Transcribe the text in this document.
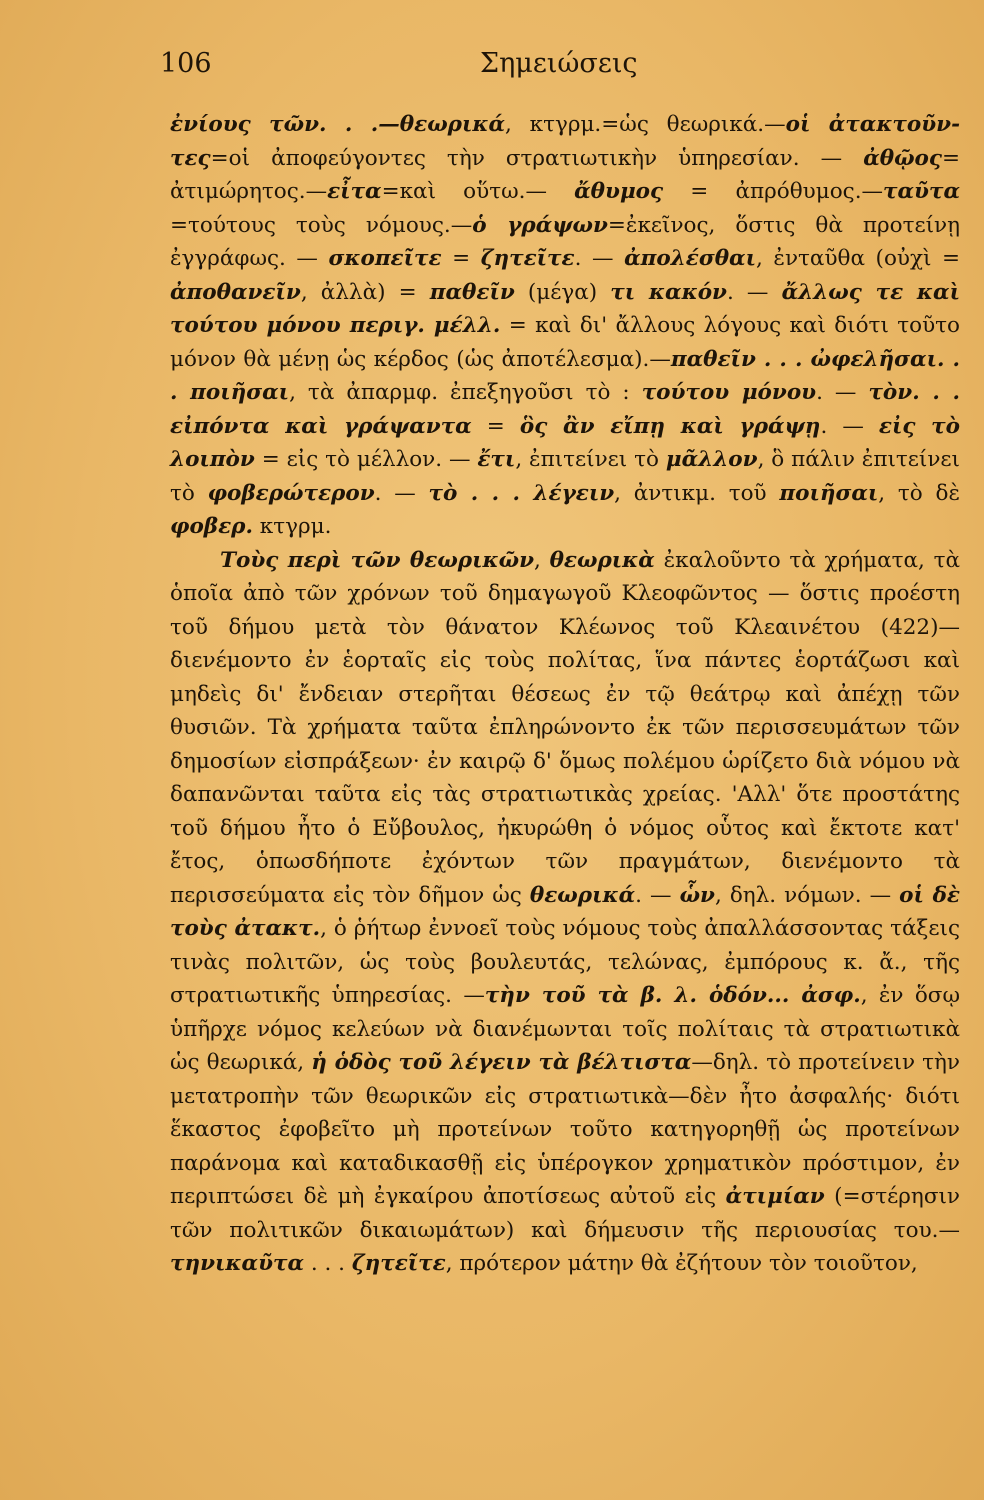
106	Σημειώσεις

ἐνίους τῶν. . .—θεωρικά, κτγρμ.=ὡς θεωρικά.—οἱ ἀτακτοῦν-τες=οἱ ἀποφεύγοντες τὴν στρατιωτικὴν ὑπηρεσίαν. — ἀθῷος= ἀτιμώρητος.—εἶτα=καὶ οὕτω.— ἄθυμος = ἀπρόθυμος.—ταῦτα =τούτους τοὺς νόμους.—ὁ γράψων=ἐκεῖνος, ὅστις θὰ προτείνῃ ἐγγράφως. — σκοπεῖτε = ζητεῖτε. — ἀπολέσθαι, ἐνταῦθα (οὐχὶ = ἀποθανεῖν, ἀλλὰ) = παθεῖν (μέγα) τι κακόν. — ἄλλως τε καὶ τούτου μόνου περιγ. μέλλ. = καὶ δι' ἄλλους λόγους καὶ διότι τοῦτο μόνον θὰ μένῃ ὡς κέρδος (ὡς ἀποτέλεσμα).—παθεῖν . . . ὠφελῆσαι. . . ποιῆσαι, τὰ ἀπαρμφ. ἐπεξηγοῦσι τὸ : τούτου μόνου. — τὸν. . . εἰπόντα καὶ γράψαντα = ὃς ἂν εἴπῃ καὶ γράψῃ. — εἰς τὸ λοιπὸν = εἰς τὸ μέλλον. — ἔτι, ἐπιτείνει τὸ μᾶλλον, ὃ πάλιν ἐπιτείνει τὸ φοβερώτερον. — τὸ . . . λέγειν, ἀντικμ. τοῦ ποιῆσαι, τὸ δὲ φοβερ. κτγρμ.

Τοὺς περὶ τῶν θεωρικῶν, θεωρικὰ ἐκαλοῦντο τὰ χρήματα, τὰ ὁποῖα ἀπὸ τῶν χρόνων τοῦ δημαγωγοῦ Κλεοφῶντος — ὅστις προέστη τοῦ δήμου μετὰ τὸν θάνατον Κλέωνος τοῦ Κλεαινέτου (422)—διενέμοντο ἐν ἑορταῖς εἰς τοὺς πολίτας, ἵνα πάντες ἑορτάζωσι καὶ μηδεὶς δι' ἔνδειαν στερῆται θέσεως ἐν τῷ θεάτρῳ καὶ ἀπέχῃ τῶν θυσιῶν. Τὰ χρήματα ταῦτα ἐπληρώνοντο ἐκ τῶν περισσευμάτων τῶν δημοσίων εἰσπράξεων· ἐν καιρῷ δ' ὅμως πολέμου ὡρίζετο διὰ νόμου νὰ δαπανῶνται ταῦτα εἰς τὰς στρατιωτικὰς χρείας. 'Αλλ' ὅτε προστάτης τοῦ δήμου ἦτο ὁ Εὔβουλος, ἠκυρώθη ὁ νόμος οὗτος καὶ ἔκτοτε κατ' ἔτος, ὁπωσδήποτε ἐχόντων τῶν πραγμάτων, διενέμοντο τὰ περισσεύματα εἰς τὸν δῆμον ὡς θεωρικά. — ὧν, δηλ. νόμων. — οἱ δὲ τοὺς ἀτακτ., ὁ ῥήτωρ ἐννοεῖ τοὺς νόμους τοὺς ἀπαλλάσσοντας τάξεις τινὰς πολιτῶν, ὡς τοὺς βουλευτάς, τελώνας, ἐμπόρους κ. ἄ., τῆς στρατιωτικῆς ὑπηρεσίας. —τὴν τοῦ τὰ β. λ. ὁδόν... ἀσφ., ἐν ὅσῳ ὑπῆρχε νόμος κελεύων νὰ διανέμωνται τοῖς πολίταις τὰ στρατιωτικὰ ὡς θεωρικά, ἡ ὁδὸς τοῦ λέγειν τὰ βέλτιστα—δηλ. τὸ προτείνειν τὴν μετατροπὴν τῶν θεωρικῶν εἰς στρατιωτικὰ—δὲν ἦτο ἀσφαλής· διότι ἕκαστος ἐφοβεῖτο μὴ προτείνων τοῦτο κατηγορηθῇ ὡς προτείνων παράνομα καὶ καταδικασθῇ εἰς ὑπέρογκον χρηματικὸν πρόστιμον, ἐν περιπτώσει δὲ μὴ ἐγκαίρου ἀποτίσεως αὐτοῦ εἰς ἀτιμίαν (=στέρησιν τῶν πολιτικῶν δικαιωμάτων) καὶ δήμευσιν τῆς περιουσίας του.— τηνικαῦτα . . . ζητεῖτε, πρότερον μάτην θὰ ἐζήτουν τὸν τοιοῦτον,
